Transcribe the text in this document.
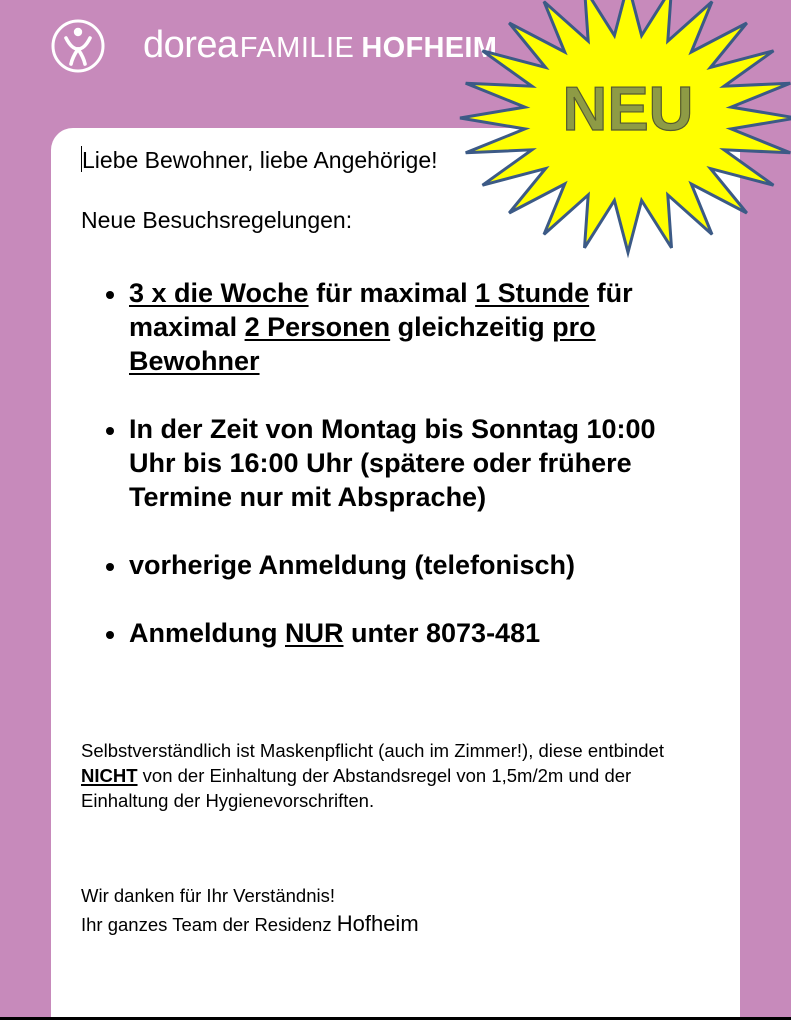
dorea FAMILIE HOFHEIM
Liebe Bewohner, liebe Angehörige!
Neue Besuchsregelungen:
3 x die Woche für maximal 1 Stunde für maximal 2 Personen gleichzeitig pro Bewohner
In der Zeit von Montag bis Sonntag 10:00 Uhr bis 16:00 Uhr (spätere oder frühere Termine nur mit Absprache)
vorherige Anmeldung (telefonisch)
Anmeldung NUR unter 8073-481
Selbstverständlich ist Maskenpflicht (auch im Zimmer!), diese entbindet NICHT von der Einhaltung der Abstandsregel von 1,5m/2m und der Einhaltung der Hygienevorschriften.
Wir danken für Ihr Verständnis!
Ihr ganzes Team der Residenz Hofheim
NEU
